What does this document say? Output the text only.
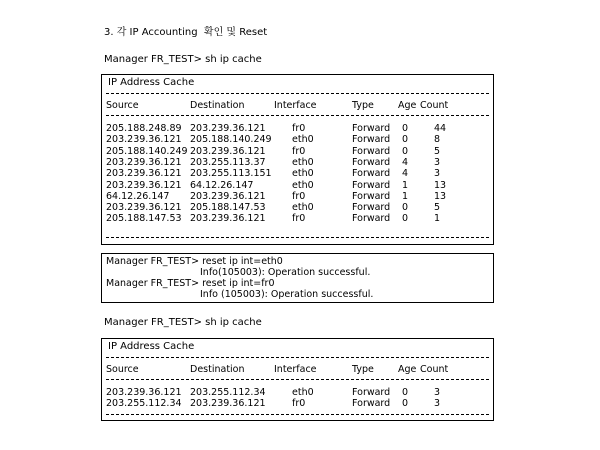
3. 각 IP Accounting  확인 및 Reset
Manager FR_TEST> sh ip cache
IP Address Cache
Source	Destination	Interface	Type	Age Count
205.188.248.89 203.239.36.121	fr0	Forward 0	44
203.239.36.121 205.188.140.249 eth0	Forward 0	8
205.188.140.249 203.239.36.121	fr0	Forward 0	5
203.239.36.121 203.255.113.37	eth0	Forward 4	3
203.239.36.121 203.255.113.151 eth0	Forward 4	3
203.239.36.121 64.12.26.147	eth0	Forward 1	13
64.12.26.147 203.239.36.121	fr0	Forward 1	13
203.239.36.121 205.188.147.53	eth0	Forward 0	5
205.188.147.53 203.239.36.121	fr0	Forward 0	1
Manager FR_TEST> reset ip int=eth0
Info(105003): Operation successful.
Manager FR_TEST> reset ip int=fr0
Info (105003): Operation successful.
Manager FR_TEST> sh ip cache
IP Address Cache
Source	Destination	Interface	Type	Age Count
203.239.36.121 203.255.112.34	eth0	Forward 0	3
203.255.112.34 203.239.36.121	fr0	Forward 0	3
